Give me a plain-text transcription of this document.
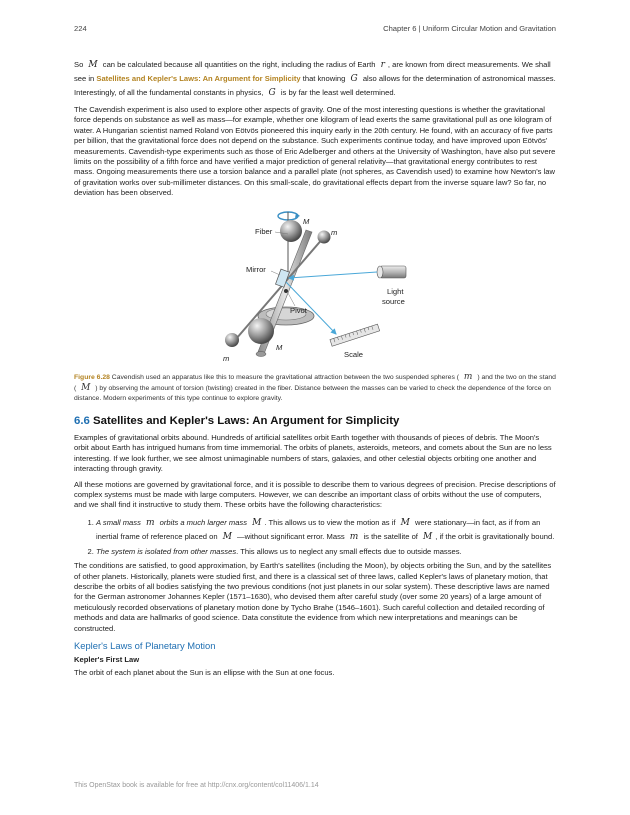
224	Chapter 6 | Uniform Circular Motion and Gravitation

So M can be calculated because all quantities on the right, including the radius of Earth r , are known from direct measurements. We shall see in Satellites and Kepler's Laws: An Argument for Simplicity that knowing G also allows for the determination of astronomical masses. Interestingly, of all the fundamental constants in physics, G is by far the least well determined.

The Cavendish experiment is also used to explore other aspects of gravity. One of the most interesting questions is whether the gravitational force depends on substance as well as mass—for example, whether one kilogram of lead exerts the same gravitational pull as one kilogram of water. A Hungarian scientist named Roland von Eötvös pioneered this inquiry early in the 20th century. He found, with an accuracy of five parts per billion, that the gravitational force does not depend on the substance. Such experiments continue today, and have improved upon Eötvös' measurements. Cavendish-type experiments such as those of Eric Adelberger and others at the University of Washington, have also put severe limits on the possibility of a fifth force and have verified a major prediction of general relativity—that gravitational energy contributes to rest mass. Ongoing measurements there use a torsion balance and a parallel plate (not spheres, as Cavendish used) to examine how Newton's law of gravitation works over sub-millimeter distances. On this small-scale, do gravitational effects depart from the inverse square law? So far, no deviation has been observed.

Fiber
M
m
Mirror
Light
source
Pivot
M
m	Scale

Figure 6.28 Cavendish used an apparatus like this to measure the gravitational attraction between the two suspended spheres ( m ) and the two on the stand ( M ) by observing the amount of torsion (twisting) created in the fiber. Distance between the masses can be varied to check the dependence of the force on distance. Modern experiments of this type continue to explore gravity.

6.6 Satellites and Kepler's Laws: An Argument for Simplicity

Examples of gravitational orbits abound. Hundreds of artificial satellites orbit Earth together with thousands of pieces of debris. The Moon's orbit about Earth has intrigued humans from time immemorial. The orbits of planets, asteroids, meteors, and comets about the Sun are no less interesting. If we look further, we see almost unimaginable numbers of stars, galaxies, and other celestial objects orbiting one another and interacting through gravity.

All these motions are governed by gravitational force, and it is possible to describe them to various degrees of precision. Precise descriptions of complex systems must be made with large computers. However, we can describe an important class of orbits without the use of computers, and we shall find it instructive to study them. These orbits have the following characteristics:

1. A small mass m orbits a much larger mass M . This allows us to view the motion as if M were stationary—in fact, as if from an inertial frame of reference placed on M —without significant error. Mass m is the satellite of M , if the orbit is gravitationally bound.
2. The system is isolated from other masses. This allows us to neglect any small effects due to outside masses.

The conditions are satisfied, to good approximation, by Earth's satellites (including the Moon), by objects orbiting the Sun, and by the satellites of other planets. Historically, planets were studied first, and there is a classical set of three laws, called Kepler's laws of planetary motion, that describe the orbits of all bodies satisfying the two previous conditions (not just planets in our solar system). These descriptive laws are named for the German astronomer Johannes Kepler (1571–1630), who devised them after careful study (over some 20 years) of a large amount of meticulously recorded observations of planetary motion done by Tycho Brahe (1546–1601). Such careful collection and detailed recording of methods and data are hallmarks of good science. Data constitute the evidence from which new interpretations and meanings can be constructed.

Kepler's Laws of Planetary Motion
Kepler's First Law

The orbit of each planet about the Sun is an ellipse with the Sun at one focus.

This OpenStax book is available for free at http://cnx.org/content/col11406/1.14
